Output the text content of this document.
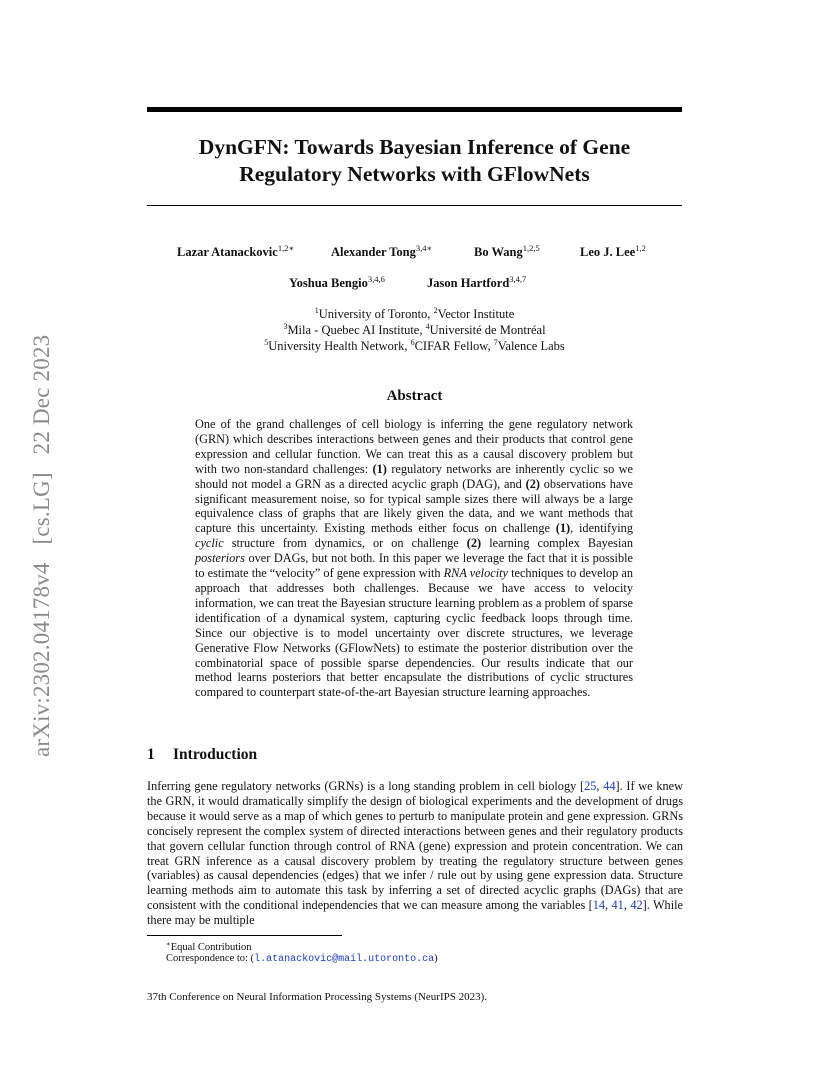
arXiv:2302.04178v4   [cs.LG]   22 Dec 2023
DynGFN: Towards Bayesian Inference of Gene
Regulatory Networks with GFlowNets
Lazar Atanackovic$^{1,2∗}$	Alexander Tong$^{3,4∗}$	Bo Wang$^{1,2,5}$	Leo J. Lee$^{1,2}$
Yoshua Bengio$^{3,4,6}$	Jason Hartford$^{3,4,7}$
$^1$University of Toronto, $^2$Vector Institute
$^3$Mila - Quebec AI Institute, $^4$Université de Montréal
$^5$University Health Network, $^6$CIFAR Fellow, $^7$Valence Labs
Abstract
One of the grand challenges of cell biology is inferring the gene regulatory network (GRN) which describes interactions between genes and their products that control gene expression and cellular function. We can treat this as a causal discovery problem but with two non-standard challenges: (1) regulatory networks are inherently cyclic so we should not model a GRN as a directed acyclic graph (DAG), and (2) observations have significant measurement noise, so for typical sample sizes there will always be a large equivalence class of graphs that are likely given the data, and we want methods that capture this uncertainty. Existing methods either focus on challenge (1), identifying cyclic structure from dynamics, or on challenge (2) learning complex Bayesian posteriors over DAGs, but not both. In this paper we leverage the fact that it is possible to estimate the “velocity” of gene expression with RNA velocity techniques to develop an approach that addresses both challenges. Because we have access to velocity information, we can treat the Bayesian structure learning problem as a problem of sparse identification of a dynamical system, capturing cyclic feedback loops through time. Since our objective is to model uncertainty over discrete structures, we leverage Generative Flow Networks (GFlowNets) to estimate the posterior distribution over the combinatorial space of possible sparse dependencies. Our results indicate that our method learns posteriors that better encapsulate the distributions of cyclic structures compared to counterpart state-of-the-art Bayesian structure learning approaches.
1 Introduction
Inferring gene regulatory networks (GRNs) is a long standing problem in cell biology [25, 44]. If we knew the GRN, it would dramatically simplify the design of biological experiments and the development of drugs because it would serve as a map of which genes to perturb to manipulate protein and gene expression. GRNs concisely represent the complex system of directed interactions between genes and their regulatory products that govern cellular function through control of RNA (gene) expression and protein concentration. We can treat GRN inference as a causal discovery problem by treating the regulatory structure between genes (variables) as causal dependencies (edges) that we infer / rule out by using gene expression data. Structure learning methods aim to automate this task by inferring a set of directed acyclic graphs (DAGs) that are consistent with the conditional independencies that we can measure among the variables [14, 41, 42]. While there may be multiple
∗Equal Contribution
Correspondence to: (l.atanackovic@mail.utoronto.ca)
37th Conference on Neural Information Processing Systems (NeurIPS 2023).
